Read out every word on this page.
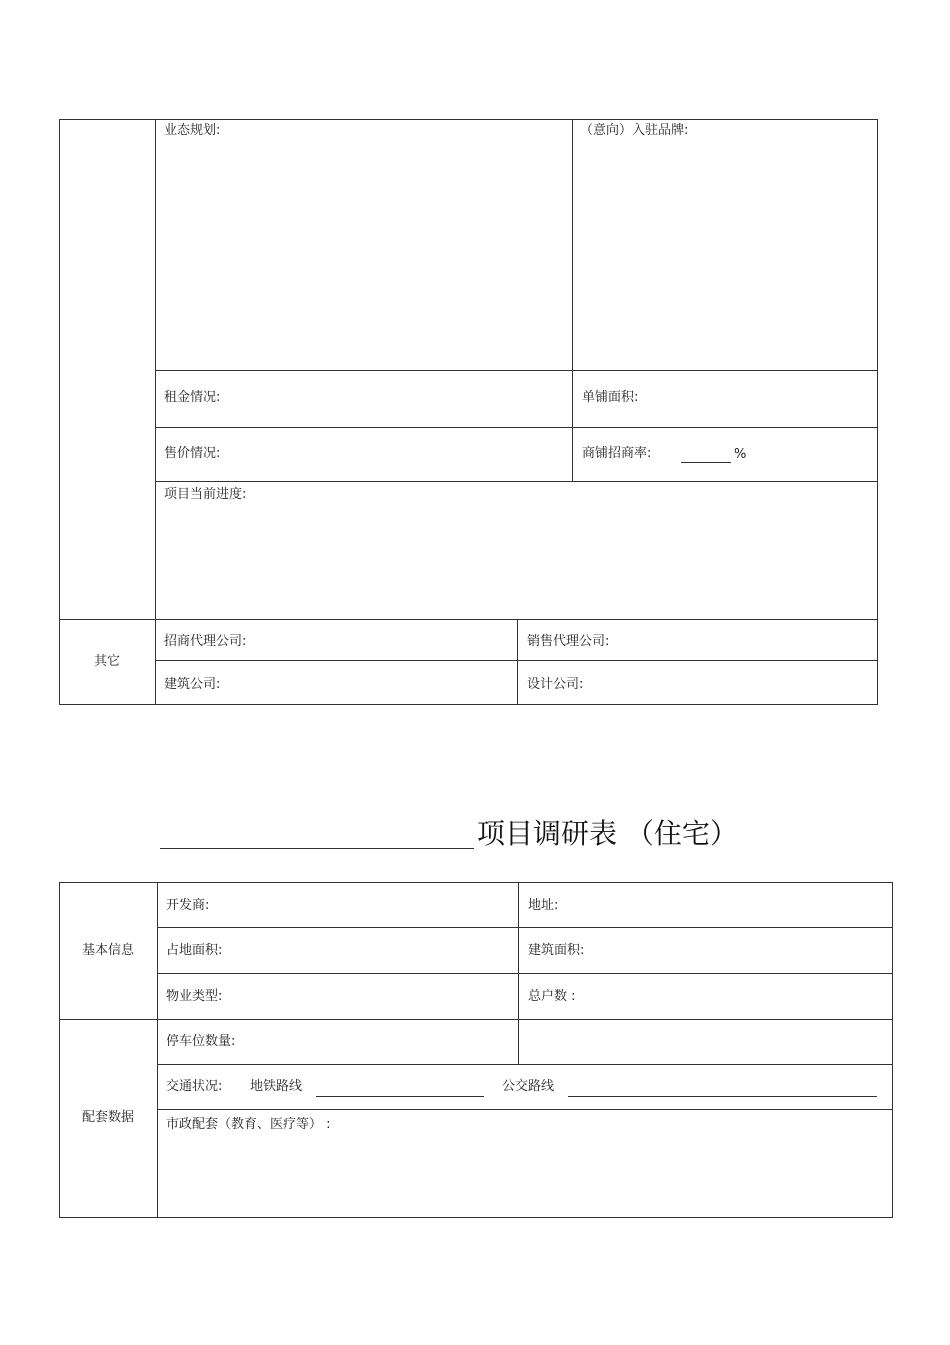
业态规划:	（意向）入驻品牌:
租金情况:	单铺面积:
售价情况:	商铺招商率:	%
项目当前进度:
其它
招商代理公司:	销售代理公司:
建筑公司:	设计公司:
项目调研表 （住宅）
基本信息
开发商:	地址:
占地面积:	建筑面积:
物业类型:	总户数 :
配套数据
停车位数量:
交通状况: 地铁路线	公交路线
市政配套（教育、医疗等） :
